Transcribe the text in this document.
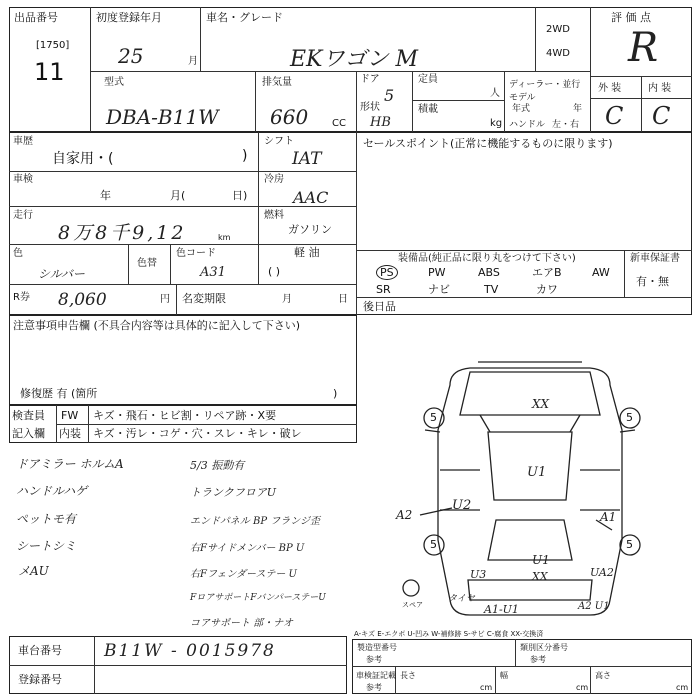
出品番号
[1750]
11
初度登録年月
25	月
車名・グレード
EKワゴン M
2WD
4WD
評 価 点
R
型式
DBA-B11W
排気量
660 CC
ドア
5
形状
HB
定員
人
積載
kg
ディーラー・並行
モデル
年式	年
ハンドル 左・右
外 装	内 装
C C
車歴
自家用・(	)
車検
年	月(	日)
走行
8万8千9,12	km
色
シルバー
色替
色コード
A31
シフト
IAT
冷房
AAC
燃料
ガソリン
軽 油
( )
R券 8,060	円 名変期限	月	日
セールスポイント(正常に機能するものに限ります)
装備品(純正品に限り丸をつけて下さい)	新車保証書
有・無
PS	PW	ABS	エアB	AW
SR	ナビ	TV	カワ
後日品
注意事項申告欄 (不具合内容等は具体的に記入して下さい)
修復歴 有 (箇所	)
検査員
記入欄
FW キズ・飛石・ヒビ割・リペア跡・X要
内装 キズ・汚レ・コゲ・穴・スレ・キレ・破レ
ドアミラー ホルムA
ハンドルハゲ
ペットモ有
シートシミ
メAU
5/3 振動有
トランクフロアU
エンドパネル BP フランジ歪
右Fサイドメンバー BP U
右Fフェンダーステー U
FロアサポートFバンパーステーU
コアサポート 部・ナオ
5	5
5	5
XX
U1
U2
A2	A1
U1
XX
U3	UA2
A1-U1	A2 U1
スペア
タイヤ
A-キズ E-エクボ U-凹み W-補修跡 S-サビ C-腐食 XX-交換済
車台番号 B11W - 0015978
登録番号
製造型番号
参考
類別区分番号
参考
車検証記載
参考
長さ
cm
幅
cm
高さ
cm
